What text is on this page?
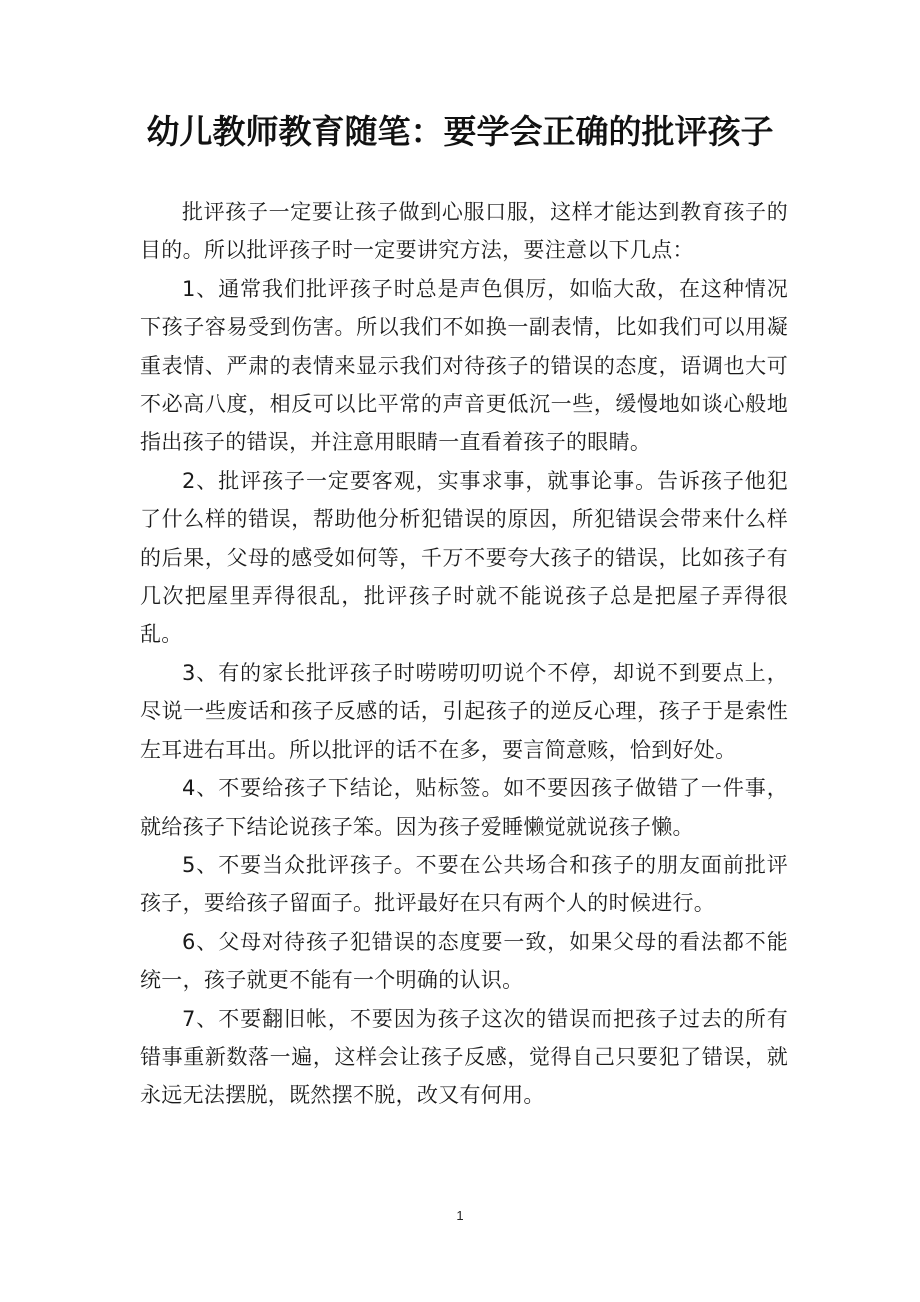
幼儿教师教育随笔：要学会正确的批评孩子

批评孩子一定要让孩子做到心服口服，这样才能达到教育孩子的目的。所以批评孩子时一定要讲究方法，要注意以下几点：

1、通常我们批评孩子时总是声色俱厉，如临大敌，在这种情况下孩子容易受到伤害。所以我们不如换一副表情，比如我们可以用凝重表情、严肃的表情来显示我们对待孩子的错误的态度，语调也大可不必高八度，相反可以比平常的声音更低沉一些，缓慢地如谈心般地指出孩子的错误，并注意用眼睛一直看着孩子的眼睛。

2、批评孩子一定要客观，实事求事，就事论事。告诉孩子他犯了什么样的错误，帮助他分析犯错误的原因，所犯错误会带来什么样的后果，父母的感受如何等，千万不要夸大孩子的错误，比如孩子有几次把屋里弄得很乱，批评孩子时就不能说孩子总是把屋子弄得很乱。

3、有的家长批评孩子时唠唠叨叨说个不停，却说不到要点上，尽说一些废话和孩子反感的话，引起孩子的逆反心理，孩子于是索性左耳进右耳出。所以批评的话不在多，要言简意赅，恰到好处。

4、不要给孩子下结论，贴标签。如不要因孩子做错了一件事，就给孩子下结论说孩子笨。因为孩子爱睡懒觉就说孩子懒。

5、不要当众批评孩子。不要在公共场合和孩子的朋友面前批评孩子，要给孩子留面子。批评最好在只有两个人的时候进行。

6、父母对待孩子犯错误的态度要一致，如果父母的看法都不能统一，孩子就更不能有一个明确的认识。

7、不要翻旧帐，不要因为孩子这次的错误而把孩子过去的所有错事重新数落一遍，这样会让孩子反感，觉得自己只要犯了错误，就永远无法摆脱，既然摆不脱，改又有何用。

1
